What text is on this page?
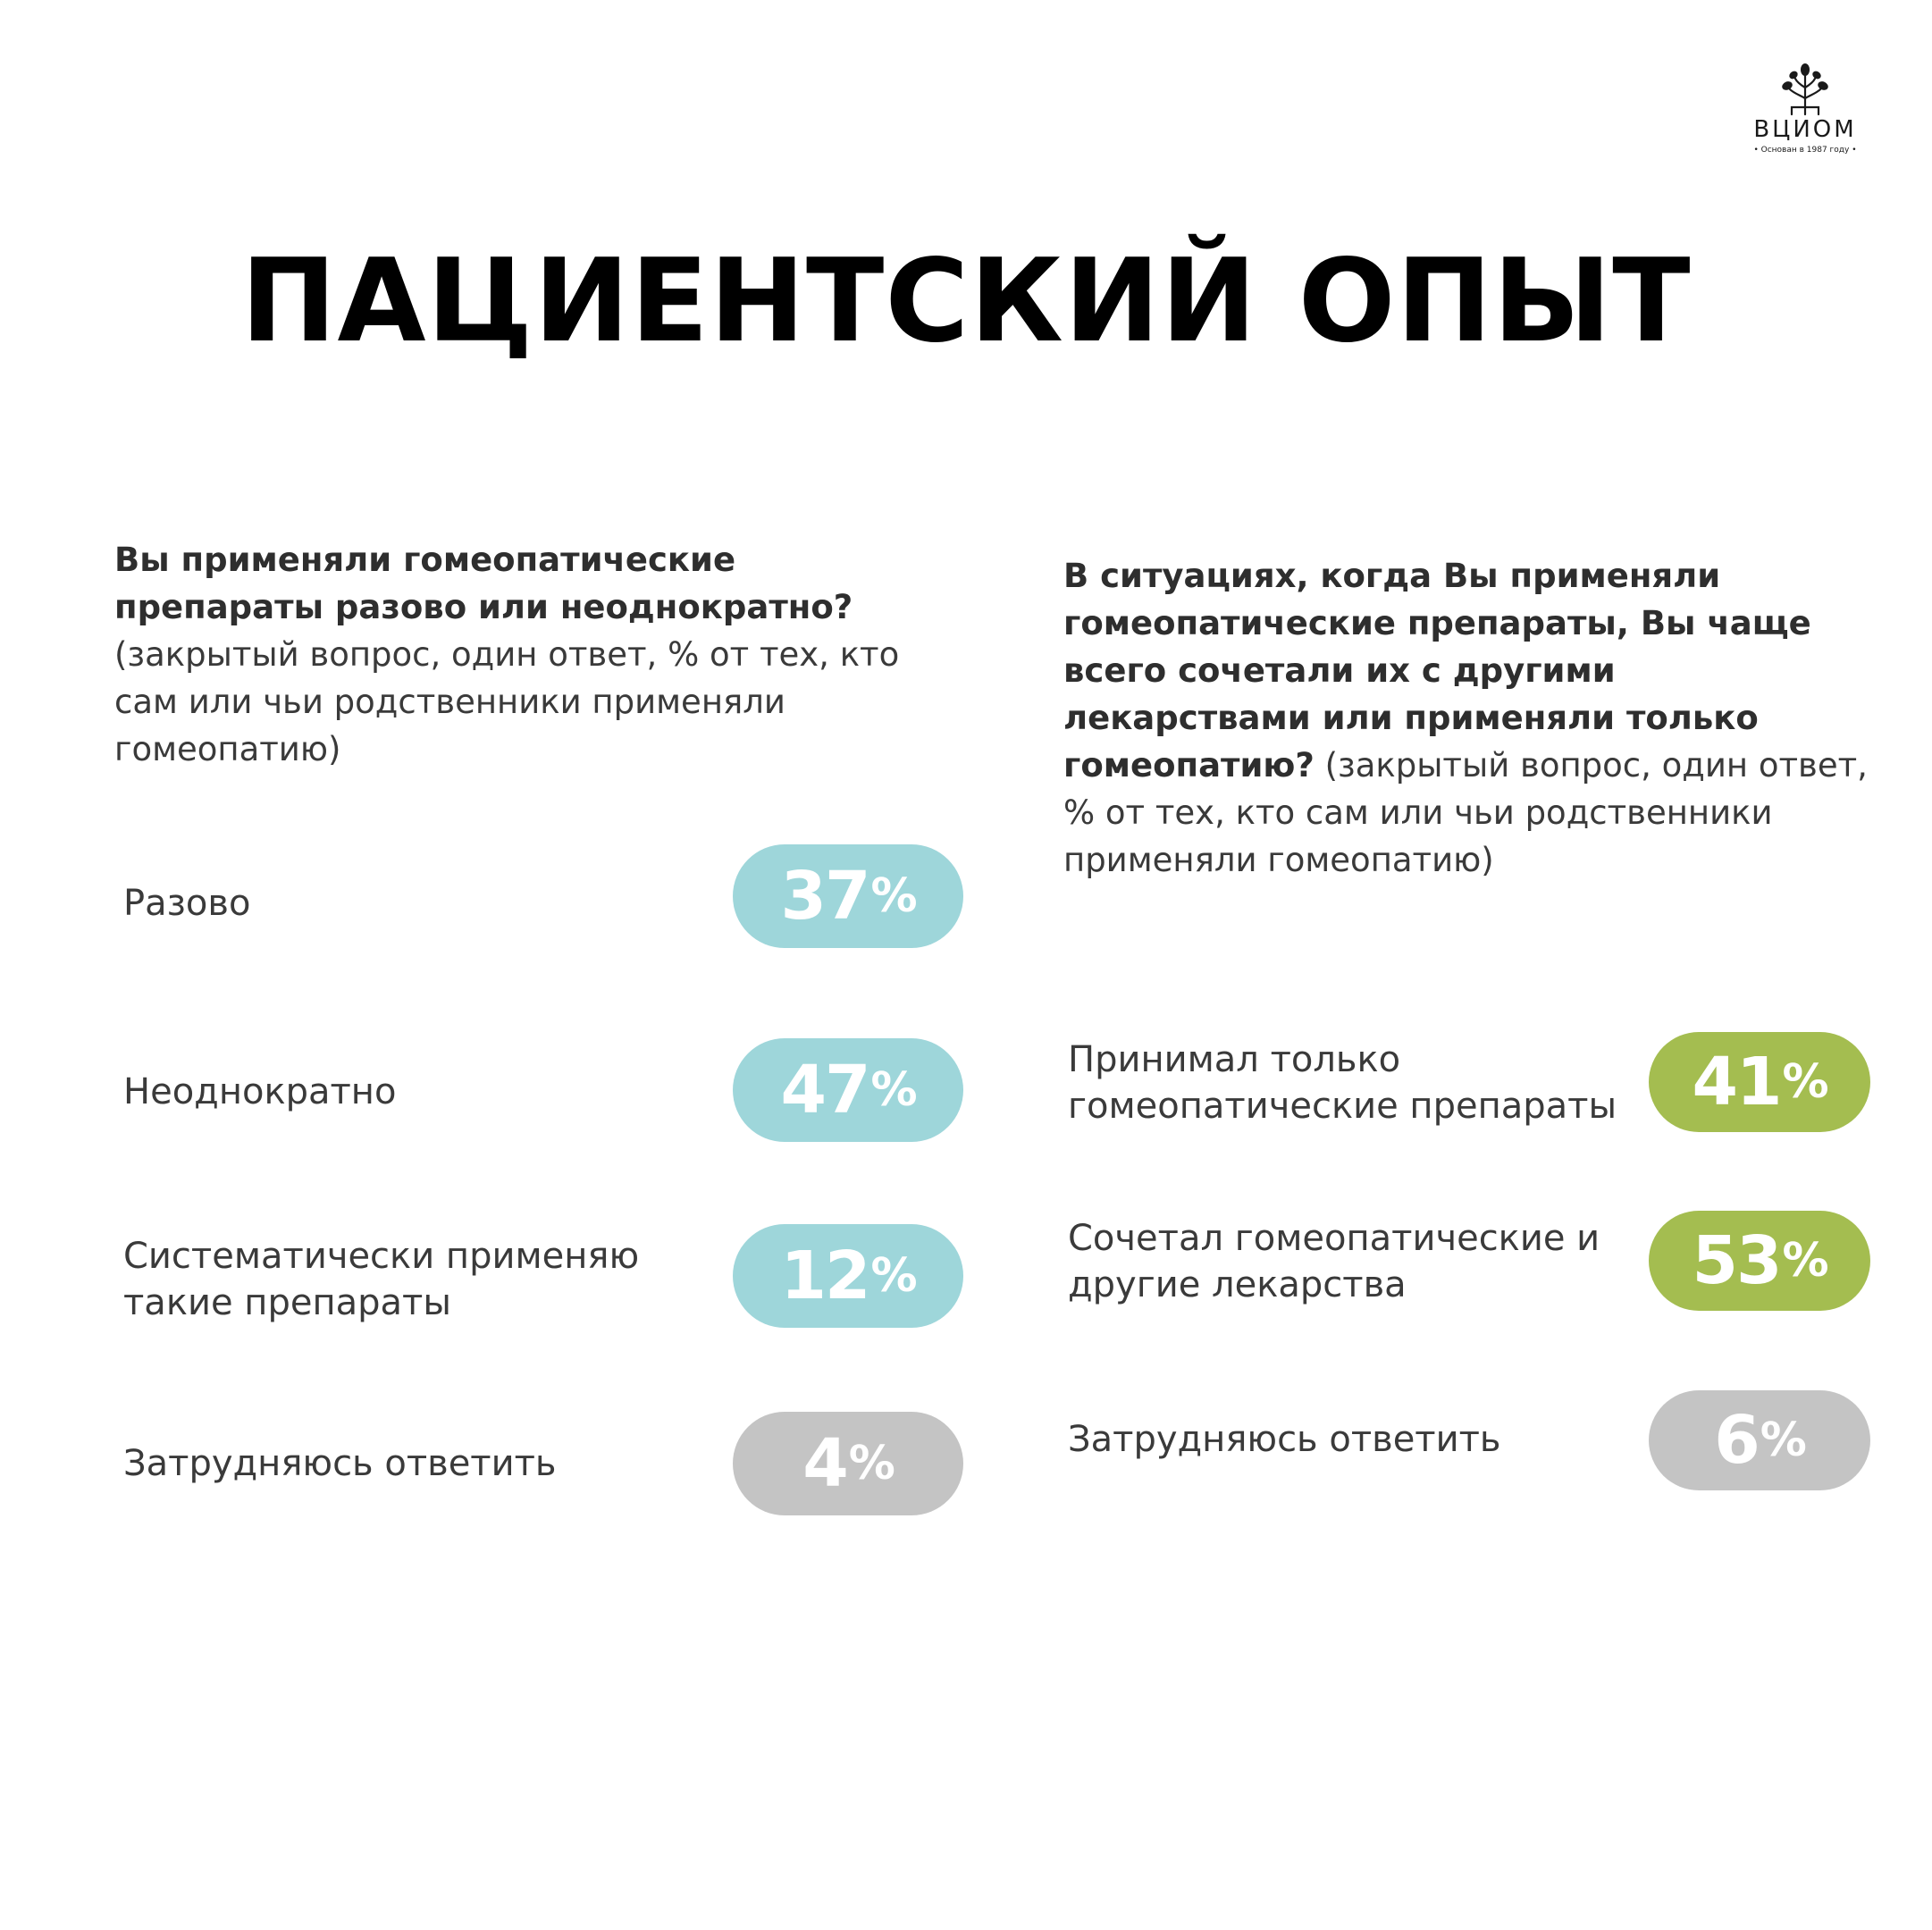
ВЦИОМ
• Основан в 1987 году •
ПАЦИЕНТСКИЙ ОПЫТ
Вы применяли гомеопатические препараты разово или неоднократно? (закрытый вопрос, один ответ, % от тех, кто сам или чьи родственники применяли гомеопатию)
В ситуациях, когда Вы применяли гомеопатические препараты, Вы чаще всего сочетали их с другими лекарствами или применяли только гомеопатию? (закрытый вопрос, один ответ, % от тех, кто сам или чьи родственники применяли гомеопатию)
Разово	37 %
Неоднократно	47 %
Систематически применяю такие препараты	12 %
Затрудняюсь ответить	4 %
Принимал только гомеопатические препараты	41 %
Сочетал гомеопатические и другие лекарства	53 %
Затрудняюсь ответить	6 %
